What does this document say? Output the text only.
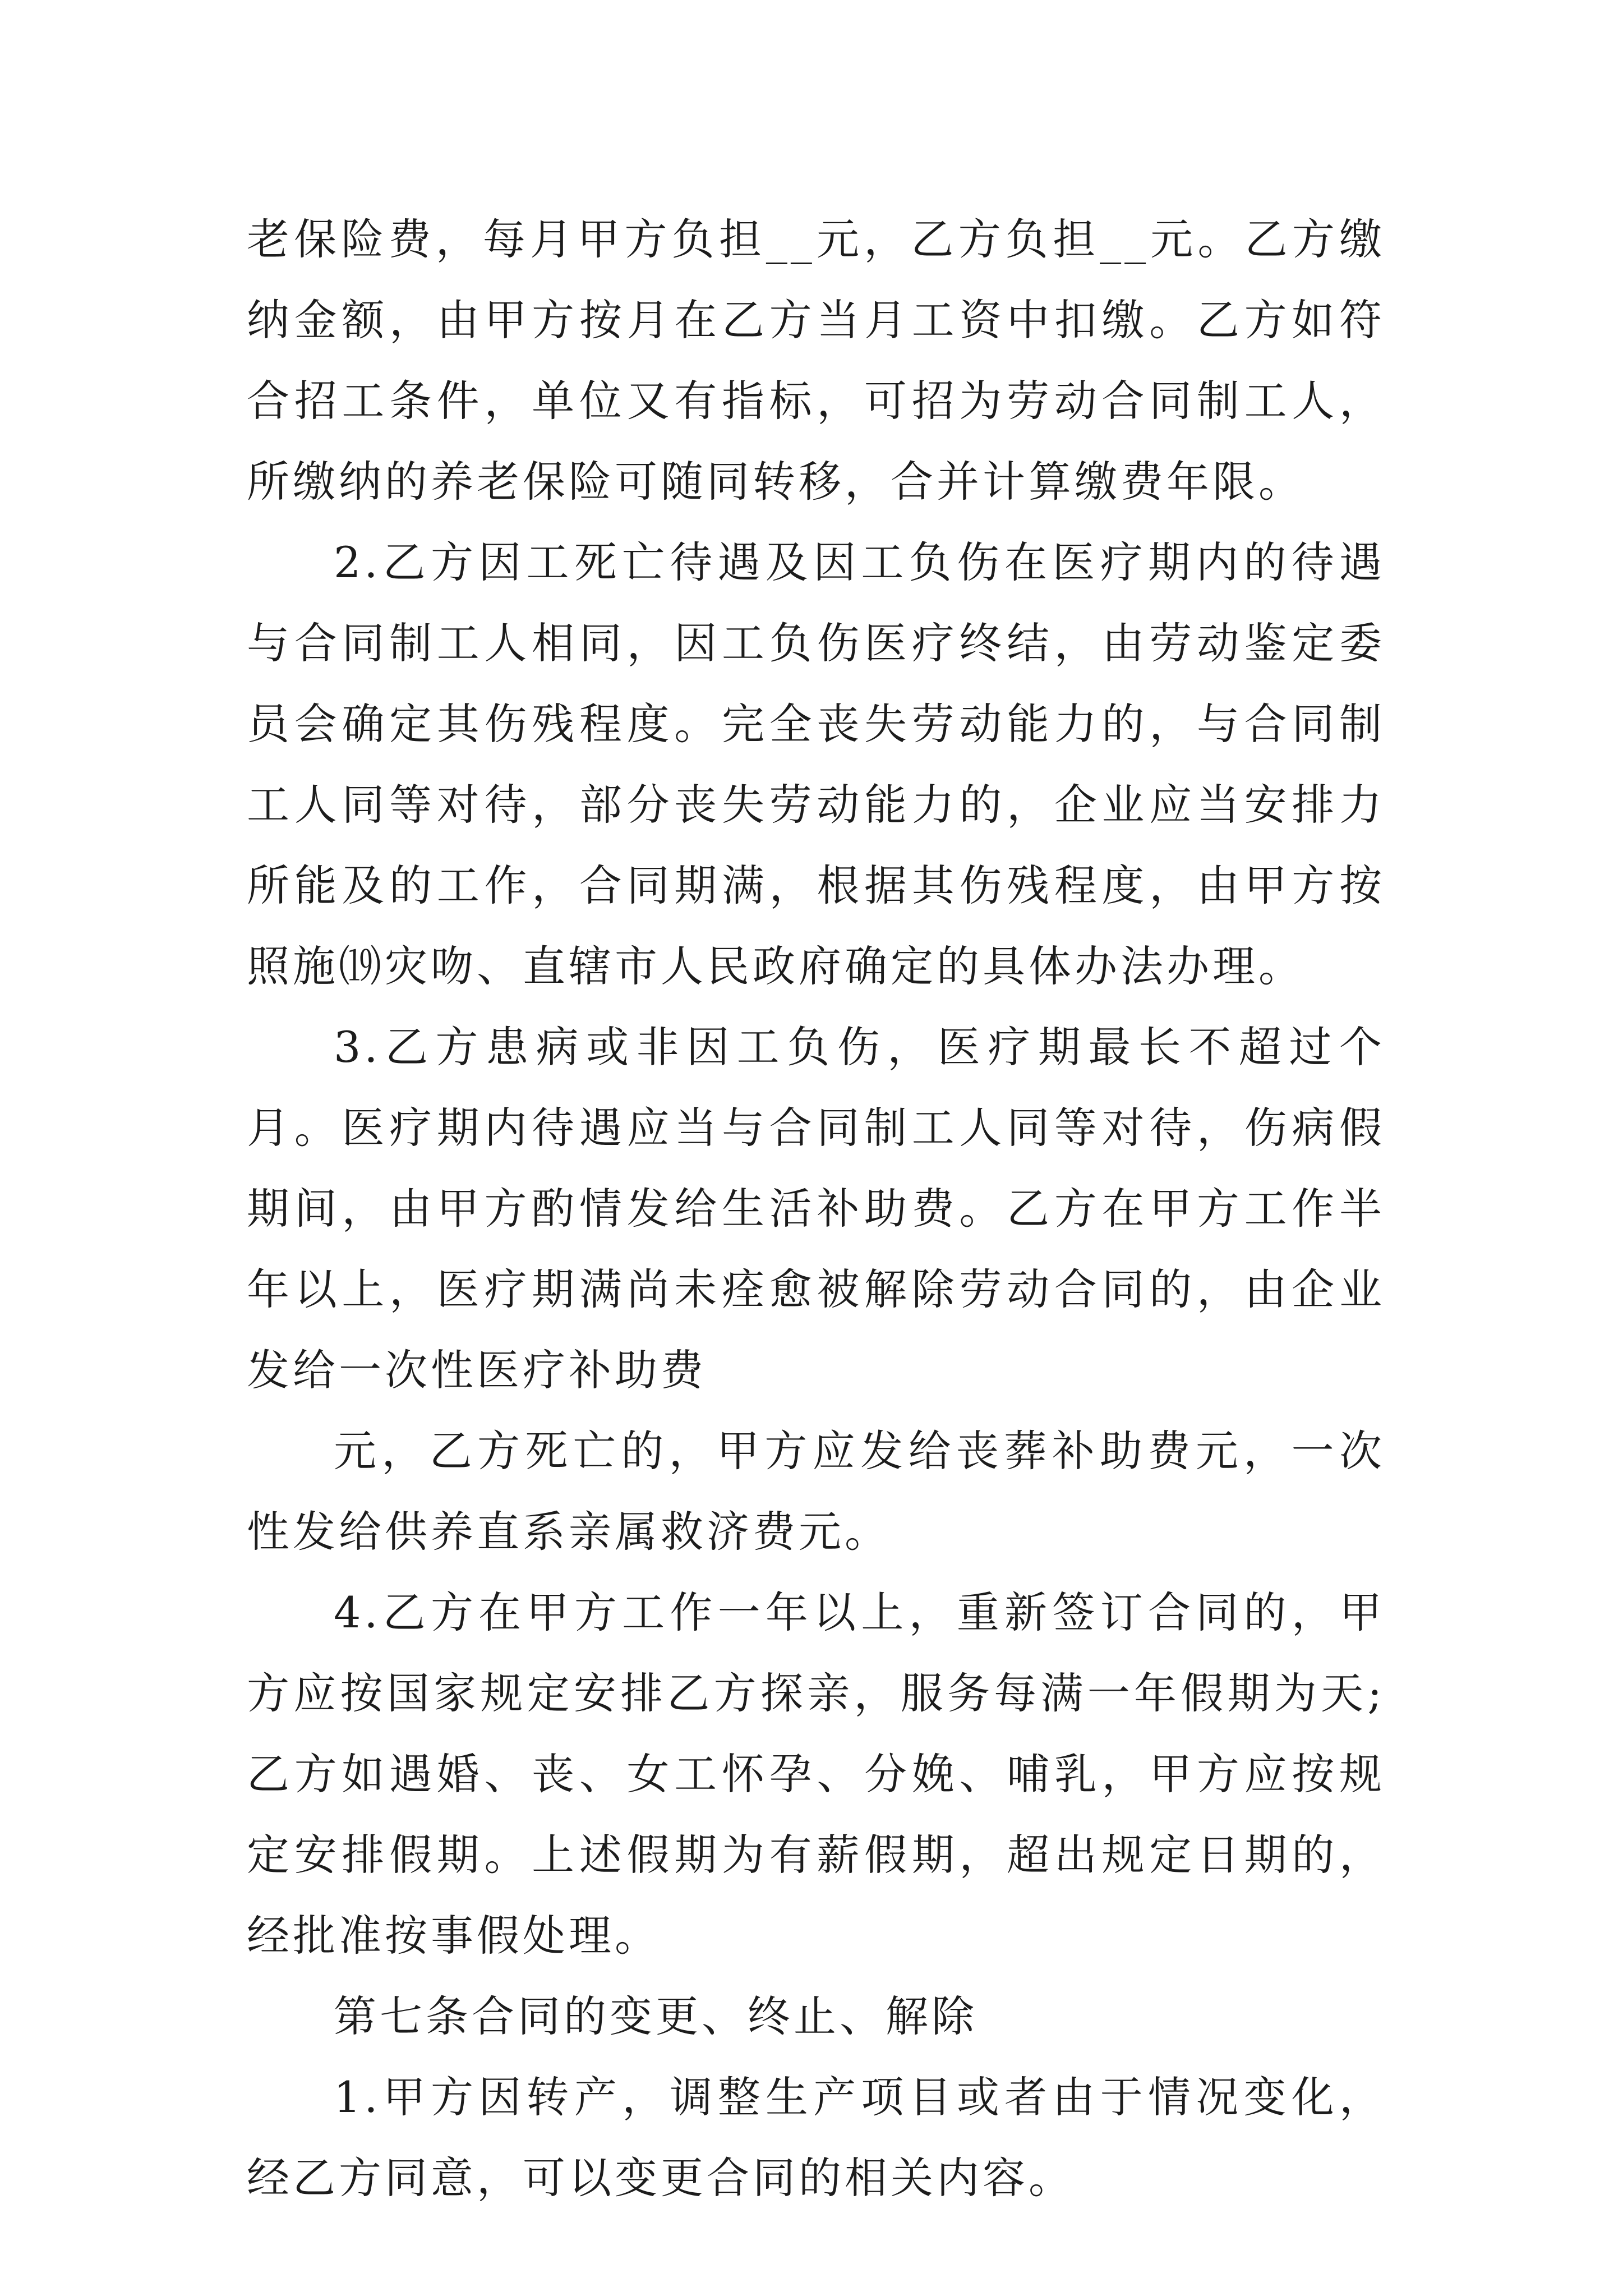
老保险费，每月甲方负担__元，乙方负担__元。乙方缴纳金额，由甲方按月在乙方当月工资中扣缴。乙方如符合招工条件，单位又有指标，可招为劳动合同制工人，所缴纳的养老保险可随同转移，合并计算缴费年限。

2.乙方因工死亡待遇及因工负伤在医疗期内的待遇与合同制工人相同，因工负伤医疗终结，由劳动鉴定委员会确定其伤残程度。完全丧失劳动能力的，与合同制工人同等对待，部分丧失劳动能力的，企业应当安排力所能及的工作，合同期满，根据其伤残程度，由甲方按照施⒆灾吻、直辖市人民政府确定的具体办法办理。

3.乙方患病或非因工负伤，医疗期最长不超过个月。医疗期内待遇应当与合同制工人同等对待，伤病假期间，由甲方酌情发给生活补助费。乙方在甲方工作半年以上，医疗期满尚未痊愈被解除劳动合同的，由企业发给一次性医疗补助费

元，乙方死亡的，甲方应发给丧葬补助费元，一次性发给供养直系亲属救济费元。

4.乙方在甲方工作一年以上，重新签订合同的，甲方应按国家规定安排乙方探亲，服务每满一年假期为天;乙方如遇婚、丧、女工怀孕、分娩、哺乳，甲方应按规定安排假期。上述假期为有薪假期，超出规定日期的，经批准按事假处理。

第七条合同的变更、终止、解除

1.甲方因转产，调整生产项目或者由于情况变化，经乙方同意，可以变更合同的相关内容。
